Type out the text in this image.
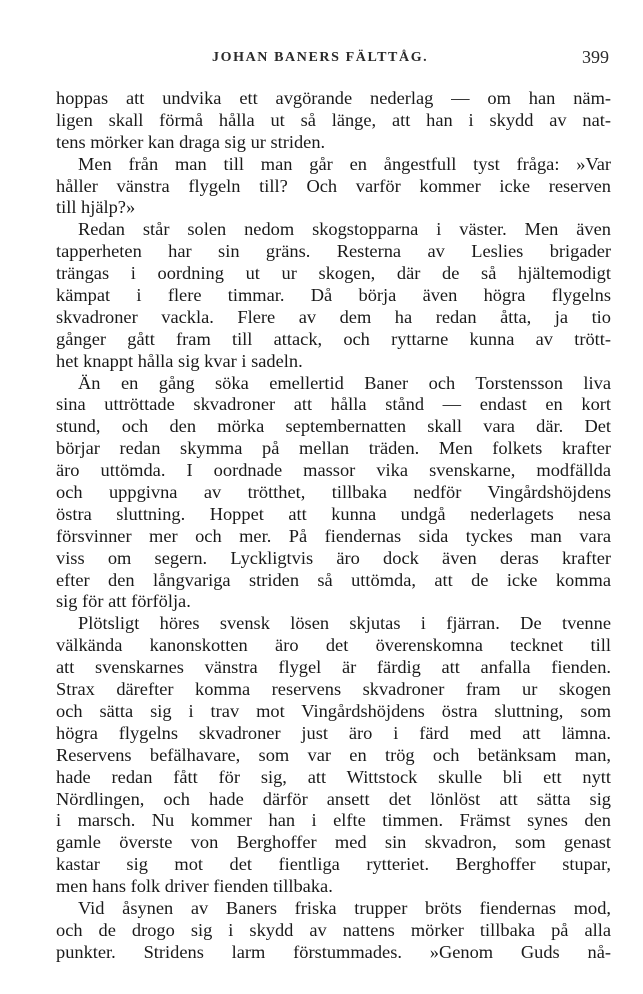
JOHAN BANERS FÄLTTÅG.	399
hoppas att undvika ett avgörande nederlag — om han näm-
ligen skall förmå hålla ut så länge, att han i skydd av nat-
tens mörker kan draga sig ur striden.
Men från man till man går en ångestfull tyst fråga: »Var
håller vänstra flygeln till? Och varför kommer icke reserven
till hjälp?»
Redan står solen nedom skogstopparna i väster. Men även
tapperheten har sin gräns. Resterna av Leslies brigader
trängas i oordning ut ur skogen, där de så hjältemodigt
kämpat i flere timmar. Då börja även högra flygelns
skvadroner vackla. Flere av dem ha redan åtta, ja tio
gånger gått fram till attack, och ryttarne kunna av trött-
het knappt hålla sig kvar i sadeln.
Än en gång söka emellertid Baner och Torstensson liva
sina uttröttade skvadroner att hålla stånd — endast en kort
stund, och den mörka septembernatten skall vara där. Det
börjar redan skymma på mellan träden. Men folkets krafter
äro uttömda. I oordnade massor vika svenskarne, modfällda
och uppgivna av trötthet, tillbaka nedför Vingårdshöjdens
östra sluttning. Hoppet att kunna undgå nederlagets nesa
försvinner mer och mer. På fiendernas sida tyckes man vara
viss om segern. Lyckligtvis äro dock även deras krafter
efter den långvariga striden så uttömda, att de icke komma
sig för att förfölja.
Plötsligt höres svensk lösen skjutas i fjärran. De tvenne
välkända kanonskotten äro det överenskomna tecknet till
att svenskarnes vänstra flygel är färdig att anfalla fienden.
Strax därefter komma reservens skvadroner fram ur skogen
och sätta sig i trav mot Vingårdshöjdens östra sluttning, som
högra flygelns skvadroner just äro i färd med att lämna.
Reservens befälhavare, som var en trög och betänksam man,
hade redan fått för sig, att Wittstock skulle bli ett nytt
Nördlingen, och hade därför ansett det lönlöst att sätta sig
i marsch. Nu kommer han i elfte timmen. Främst synes den
gamle överste von Berghoffer med sin skvadron, som genast
kastar sig mot det fientliga rytteriet. Berghoffer stupar,
men hans folk driver fienden tillbaka.
Vid åsynen av Baners friska trupper bröts fiendernas mod,
och de drogo sig i skydd av nattens mörker tillbaka på alla
punkter. Stridens larm förstummades. »Genom Guds nå-
